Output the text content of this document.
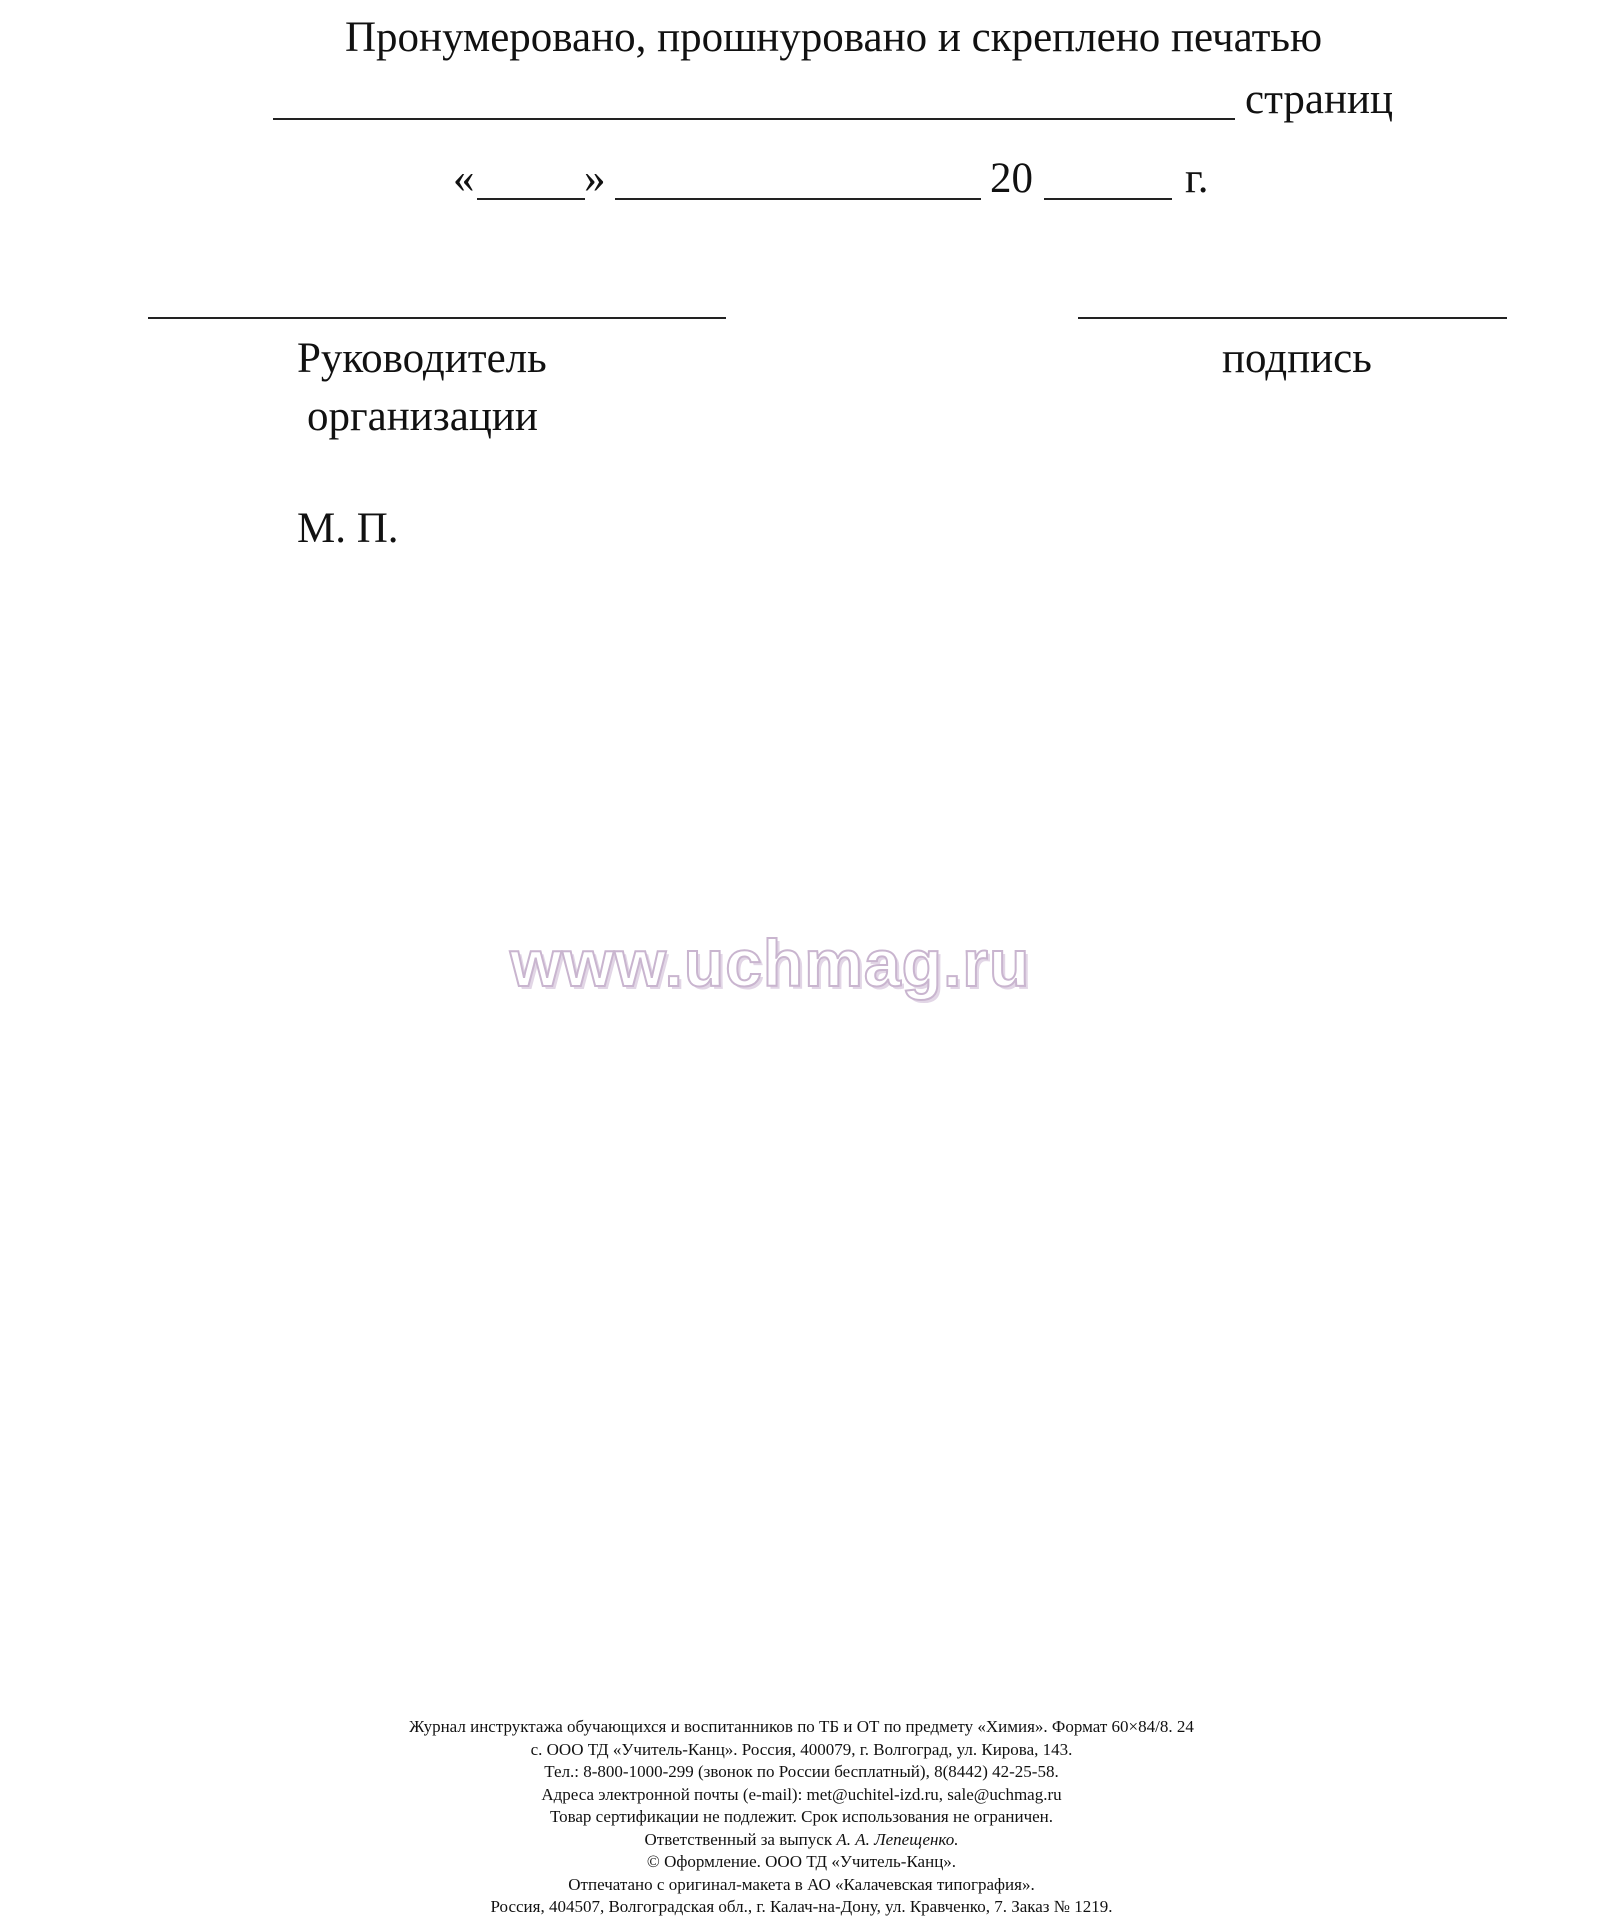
Пронумеровано, прошнуровано и скреплено печатью
страниц
«	»	20	г.
Руководитель
организации
подпись
М. П.
www.uchmag.ru
Журнал инструктажа обучающихся и воспитанников по ТБ и ОТ по предмету «Химия». Формат 60×84/8. 24
с. ООО ТД «Учитель-Канц». Россия, 400079, г. Волгоград, ул. Кирова, 143.
Тел.: 8-800-1000-299 (звонок по России бесплатный), 8(8442) 42-25-58.
Адреса электронной почты (e-mail): met@uchitel-izd.ru, sale@uchmag.ru
Товар сертификации не подлежит. Срок использования не ограничен.
Ответственный за выпуск А. А. Лепещенко.
© Оформление. ООО ТД «Учитель-Канц».
Отпечатано с оригинал-макета в АО «Калачевская типография».
Россия, 404507, Волгоградская обл., г. Калач-на-Дону, ул. Кравченко, 7. Заказ № 1219.
